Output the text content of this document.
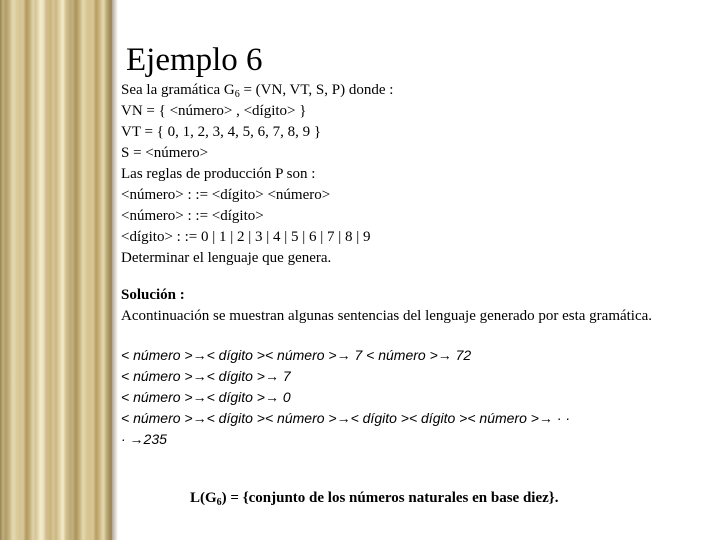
Ejemplo 6
Sea la gramática $G_6 = (VN$, VT, S, P) donde :
VN = { <número> , <dígito> }
VT = { 0, 1, 2, 3, 4, 5, 6, 7, 8, 9 }
S = <número>
Las reglas de producción P son :
<número> : := <dígito> <número>
<número> : := <dígito>
<dígito> : := 0 | 1 | 2 | 3 | 4 | 5 | 6 | 7 | 8 | 9
Determinar el lenguaje que genera.
Solución :
Acontinuación se muestran algunas sentencias del lenguaje generado por esta gramática.
< número >→< dígito >< número >→ 7 < número >→ 72
< número >→< dígito >→ 7
< número >→< dígito >→ 0
< número >→< dígito >< número >→< dígito >< dígito >< número >→ · ·
· →235
$L(G_6)$ = {conjunto de los números naturales en base diez}.
